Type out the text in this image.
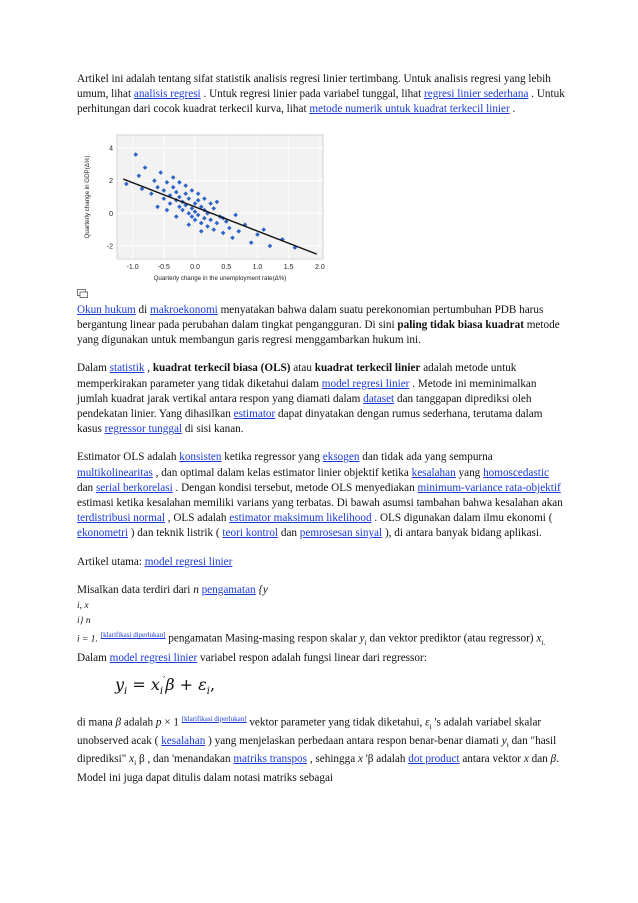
Artikel ini adalah tentang sifat statistik analisis regresi linier tertimbang. Untuk analisis regresi yang lebih umum, lihat analisis regresi . Untuk regresi linier pada variabel tunggal, lihat regresi linier sederhana . Untuk perhitungan dari cocok kuadrat terkecil kurva, lihat metode numerik untuk kuadrat terkecil linier .

-1.0	-0.5	0.0	0.5	1.0	1.5	2.0
4
2
0
-2
Quarterly change in the unemployment rate(Δ%)
Quarterly change in GDP(Δ%)

Okun hukum di makroekonomi menyatakan bahwa dalam suatu perekonomian pertumbuhan PDB harus bergantung linear pada perubahan dalam tingkat pengangguran. Di sini paling tidak biasa kuadrat metode yang digunakan untuk membangun garis regresi menggambarkan hukum ini.

Dalam statistik , kuadrat terkecil biasa (OLS) atau kuadrat terkecil linier adalah metode untuk memperkirakan parameter yang tidak diketahui dalam model regresi linier . Metode ini meminimalkan jumlah kuadrat jarak vertikal antara respon yang diamati dalam dataset dan tanggapan diprediksi oleh pendekatan linier. Yang dihasilkan estimator dapat dinyatakan dengan rumus sederhana, terutama dalam kasus regressor tunggal di sisi kanan.

Estimator OLS adalah konsisten ketika regressor yang eksogen dan tidak ada yang sempurna multikolinearitas , dan optimal dalam kelas estimator linier objektif ketika kesalahan yang homoscedastic dan serial berkorelasi . Dengan kondisi tersebut, metode OLS menyediakan minimum-variance rata-objektif estimasi ketika kesalahan memiliki varians yang terbatas. Di bawah asumsi tambahan bahwa kesalahan akan terdistribusi normal , OLS adalah estimator maksimum likelihood . OLS digunakan dalam ilmu ekonomi ( ekonometri ) dan teknik listrik ( teori kontrol dan pemrosesan sinyal ), di antara banyak bidang aplikasi.

Artikel utama: model regresi linier

Misalkan data terdiri dari n pengamatan {y
i, x
i} n
i = 1. [klarifikasi diperlukan] pengamatan Masing-masing respon skalar $y_i$ dan vektor prediktor (atau regressor) $x_{i.}$ Dalam model regresi linier variabel respon adalah fungsi linear dari regressor:

$y_i = x_i'\beta + \varepsilon_i$,

di mana β adalah p × 1 [klarifikasi diperlukan] vektor parameter yang tidak diketahui, $\varepsilon_i$ 's adalah variabel skalar unobserved acak ( kesalahan ) yang menjelaskan perbedaan antara respon benar-benar diamati $y_i$ dan "hasil diprediksi" $x_i$ β , dan 'menandakan matriks transpos , sehingga x 'β adalah dot product antara vektor x dan β. Model ini juga dapat ditulis dalam notasi matriks sebagai
